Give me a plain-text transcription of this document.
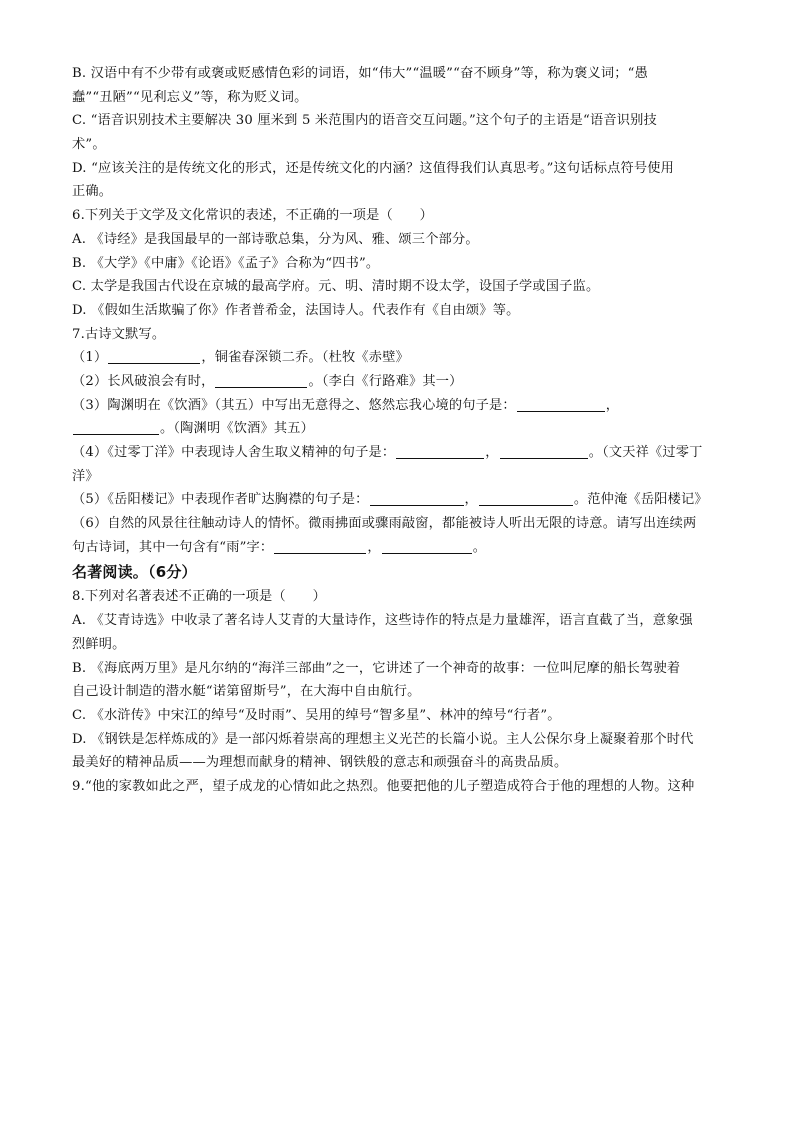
B. 汉语中有不少带有或褒或贬感情色彩的词语，如“伟大”“温暖”“奋不顾身”等，称为褒义词；“愚
蠢”“丑陋”“见利忘义”等，称为贬义词。
C. “语音识别技术主要解决 30 厘米到 5 米范围内的语音交互问题。”这个句子的主语是“语音识别技
术”。
D. “应该关注的是传统文化的形式，还是传统文化的内涵？这值得我们认真思考。”这句话标点符号使用
正确。
6.下列关于文学及文化常识的表述，不正确的一项是（　　）
A. 《诗经》是我国最早的一部诗歌总集，分为风、雅、颂三个部分。
B. 《大学》《中庸》《论语》《孟子》合称为“四书”。
C. 太学是我国古代设在京城的最高学府。元、明、清时期不设太学，设国子学或国子监。
D. 《假如生活欺骗了你》作者普希金，法国诗人。代表作有《自由颂》等。
7.古诗文默写。
（1）	，铜雀春深锁二乔。（杜牧《赤壁》
（2）长风破浪会有时，	。（李白《行路难》其一）
（3）陶渊明在《饮酒》（其五）中写出无意得之、悠然忘我心境的句子是：	，
。（陶渊明《饮酒》其五）
（4）《过零丁洋》中表现诗人舍生取义精神的句子是：	，	。（文天祥《过零丁
洋》
（5）《岳阳楼记》中表现作者旷达胸襟的句子是：	，	。范仲淹《岳阳楼记》
（6）自然的风景往往触动诗人的情怀。微雨拂面或骤雨敲窗，都能被诗人听出无限的诗意。请写出连续两
句古诗词，其中一句含有“雨”字：	，	。
名著阅读。（6分）
8.下列对名著表述不正确的一项是（　　）
A. 《艾青诗选》中收录了著名诗人艾青的大量诗作，这些诗作的特点是力量雄浑，语言直截了当，意象强
烈鲜明。
B. 《海底两万里》是凡尔纳的“海洋三部曲”之一，它讲述了一个神奇的故事：一位叫尼摩的船长驾驶着
自己设计制造的潜水艇“诺第留斯号”，在大海中自由航行。
C. 《水浒传》中宋江的绰号“及时雨”、吴用的绰号“智多星”、林冲的绰号“行者”。
D. 《钢铁是怎样炼成的》是一部闪烁着崇高的理想主义光芒的长篇小说。主人公保尔身上凝聚着那个时代
最美好的精神品质——为理想而献身的精神、钢铁般的意志和顽强奋斗的高贵品质。
9.“他的家教如此之严，望子成龙的心情如此之热烈。他要把他的儿子塑造成符合于他的理想的人物。这种
